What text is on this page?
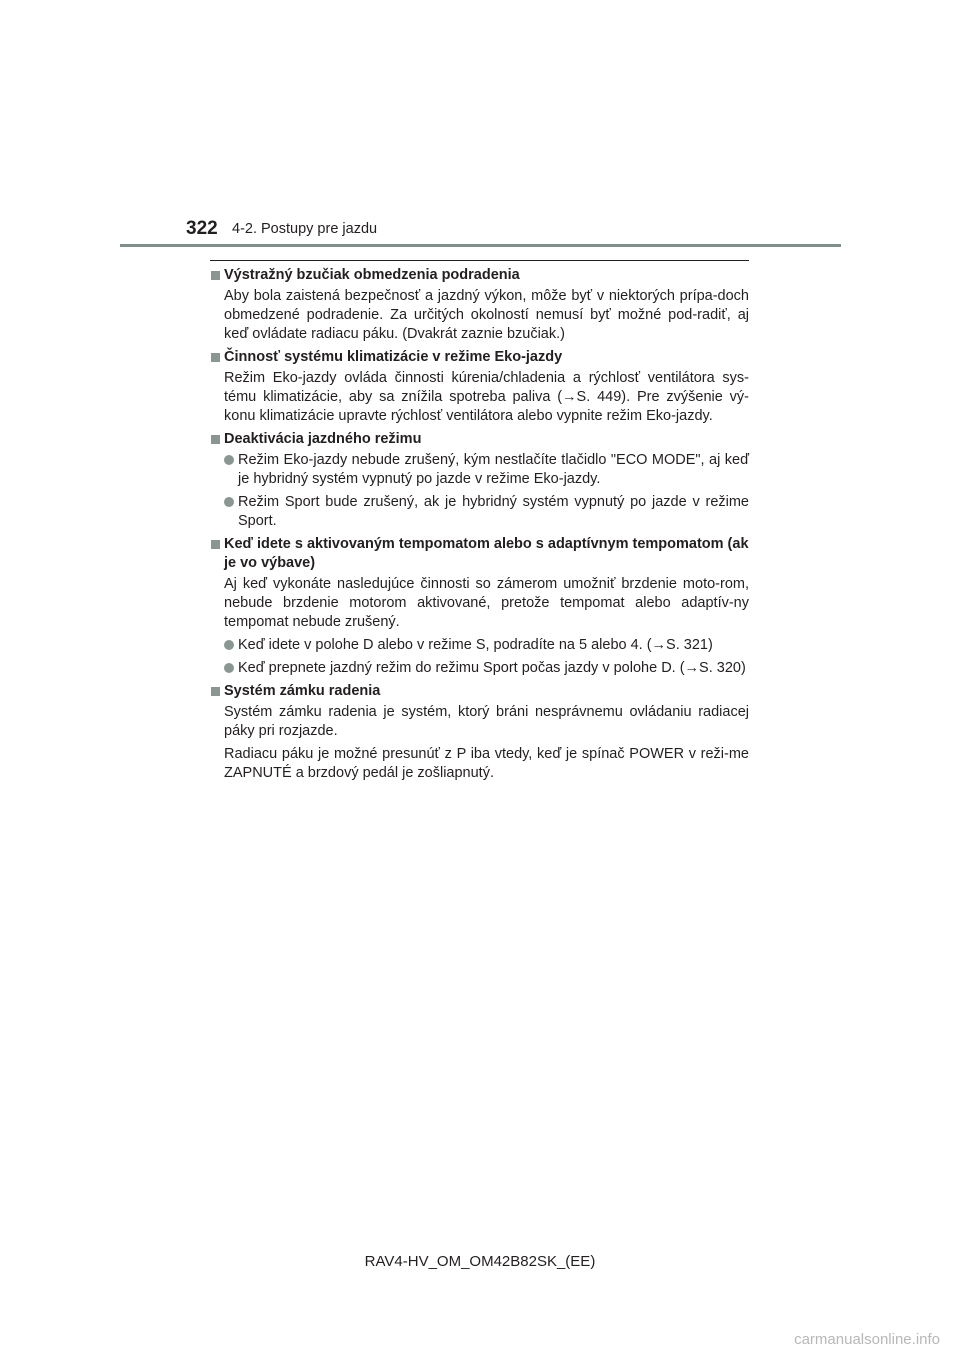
322 4-2. Postupy pre jazdu
Výstražný bzučiak obmedzenia podradenia

Aby bola zaistená bezpečnosť a jazdný výkon, môže byť v niektorých prípa-doch obmedzené podradenie. Za určitých okolností nemusí byť možné pod-radiť, aj keď ovládate radiacu páku. (Dvakrát zaznie bzučiak.)

Činnosť systému klimatizácie v režime Eko-jazdy

Režim Eko-jazdy ovláda činnosti kúrenia/chladenia a rýchlosť ventilátora sys-tému klimatizácie, aby sa znížila spotreba paliva (→S. 449). Pre zvýšenie vý-konu klimatizácie upravte rýchlosť ventilátora alebo vypnite režim Eko-jazdy.

Deaktivácia jazdného režimu
Režim Eko-jazdy nebude zrušený, kým nestlačíte tlačidlo "ECO MODE", aj keď je hybridný systém vypnutý po jazde v režime Eko-jazdy.
Režim Sport bude zrušený, ak je hybridný systém vypnutý po jazde v režime Sport.
Keď idete s aktivovaným tempomatom alebo s adaptívnym tempomatom (ak je vo výbave)

Aj keď vykonáte nasledujúce činnosti so zámerom umožniť brzdenie moto-rom, nebude brzdenie motorom aktivované, pretože tempomat alebo adaptív-ny tempomat nebude zrušený.

Keď idete v polohe D alebo v režime S, podradíte na 5 alebo 4. (→S. 321)
Keď prepnete jazdný režim do režimu Sport počas jazdy v polohe D. (→S. 320)
Systém zámku radenia

Systém zámku radenia je systém, ktorý bráni nesprávnemu ovládaniu radiacej páky pri rozjazde.

Radiacu páku je možné presunúť z P iba vtedy, keď je spínač POWER v reži-me ZAPNUTÉ a brzdový pedál je zošliapnutý.

RAV4-HV_OM_OM42B82SK_(EE)
carmanualsonline.info
